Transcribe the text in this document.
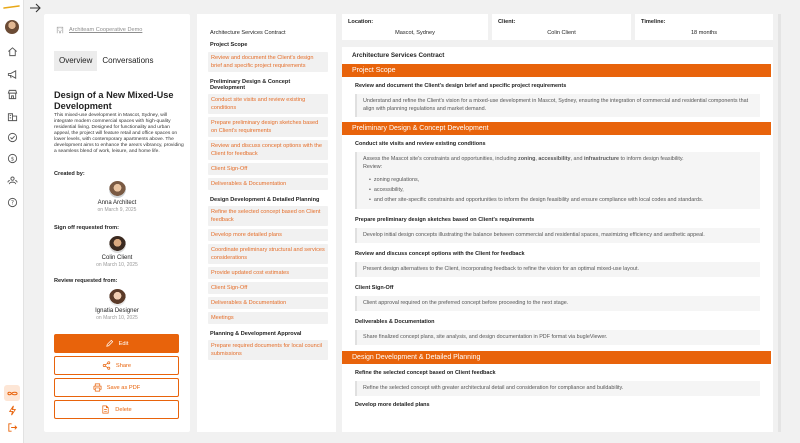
$
?
Architeam Cooperative Demo
Overview	Conversations
Design of a New Mixed-Use Development
This mixed-use development in Mascot, Sydney, will integrate modern commercial spaces with high-quality residential living. Designed for functionality and urban appeal, the project will feature retail and office spaces on lower levels, with contemporary apartments above. The development aims to enhance the area's vibrancy, providing a seamless blend of work, leisure, and home life.
Created by:
Anna Architect
on March 9, 2025
Sign off requested from:
Colin Client
on March 10, 2025
Review requested from:
Ignatia Designer
on March 10, 2025
Edit
Share
Save as PDF
Delete
Architecture Services Contract
Project Scope
Review and document the Client's design brief and specific project requirements
Preliminary Design & Concept Development
Conduct site visits and review existing conditions
Prepare preliminary design sketches based on Client's requirements
Review and discuss concept options with the Client for feedback
Client Sign-Off
Deliverables & Documentation
Design Development & Detailed Planning
Refine the selected concept based on Client feedback
Develop more detailed plans
Coordinate preliminary structural and services considerations
Provide updated cost estimates
Client Sign-Off
Deliverables & Documentation
Meetings
Planning & Development Approval
Prepare required documents for local council submissions
Location:
Mascot, Sydney
Client:
Colin Client
Timeline:
18 months
Architecture Services Contract
Project Scope
Review and document the Client's design brief and specific project requirements
Understand and refine the Client's vision for a mixed-use development in Mascot, Sydney, ensuring the integration of commercial and residential components that align with planning regulations and market demand.
Preliminary Design & Concept Development
Conduct site visits and review existing conditions
Assess the Mascot site's constraints and opportunities, including zoning, accessibility, and infrastructure to inform design feasibility.
Review:
• zoning regulations,
• accessibility,
• and other site-specific constraints and opportunities to inform the design feasibility and ensure compliance with local codes and standards.
Prepare preliminary design sketches based on Client's requirements
Develop initial design concepts illustrating the balance between commercial and residential spaces, maximizing efficiency and aesthetic appeal.
Review and discuss concept options with the Client for feedback
Present design alternatives to the Client, incorporating feedback to refine the vision for an optimal mixed-use layout.
Client Sign-Off
Client approval required on the preferred concept before proceeding to the next stage.
Deliverables & Documentation
Share finalized concept plans, site analysis, and design documentation in PDF format via bugleViewer.
Design Development & Detailed Planning
Refine the selected concept based on Client feedback
Refine the selected concept with greater architectural detail and consideration for compliance and buildability.
Develop more detailed plans
